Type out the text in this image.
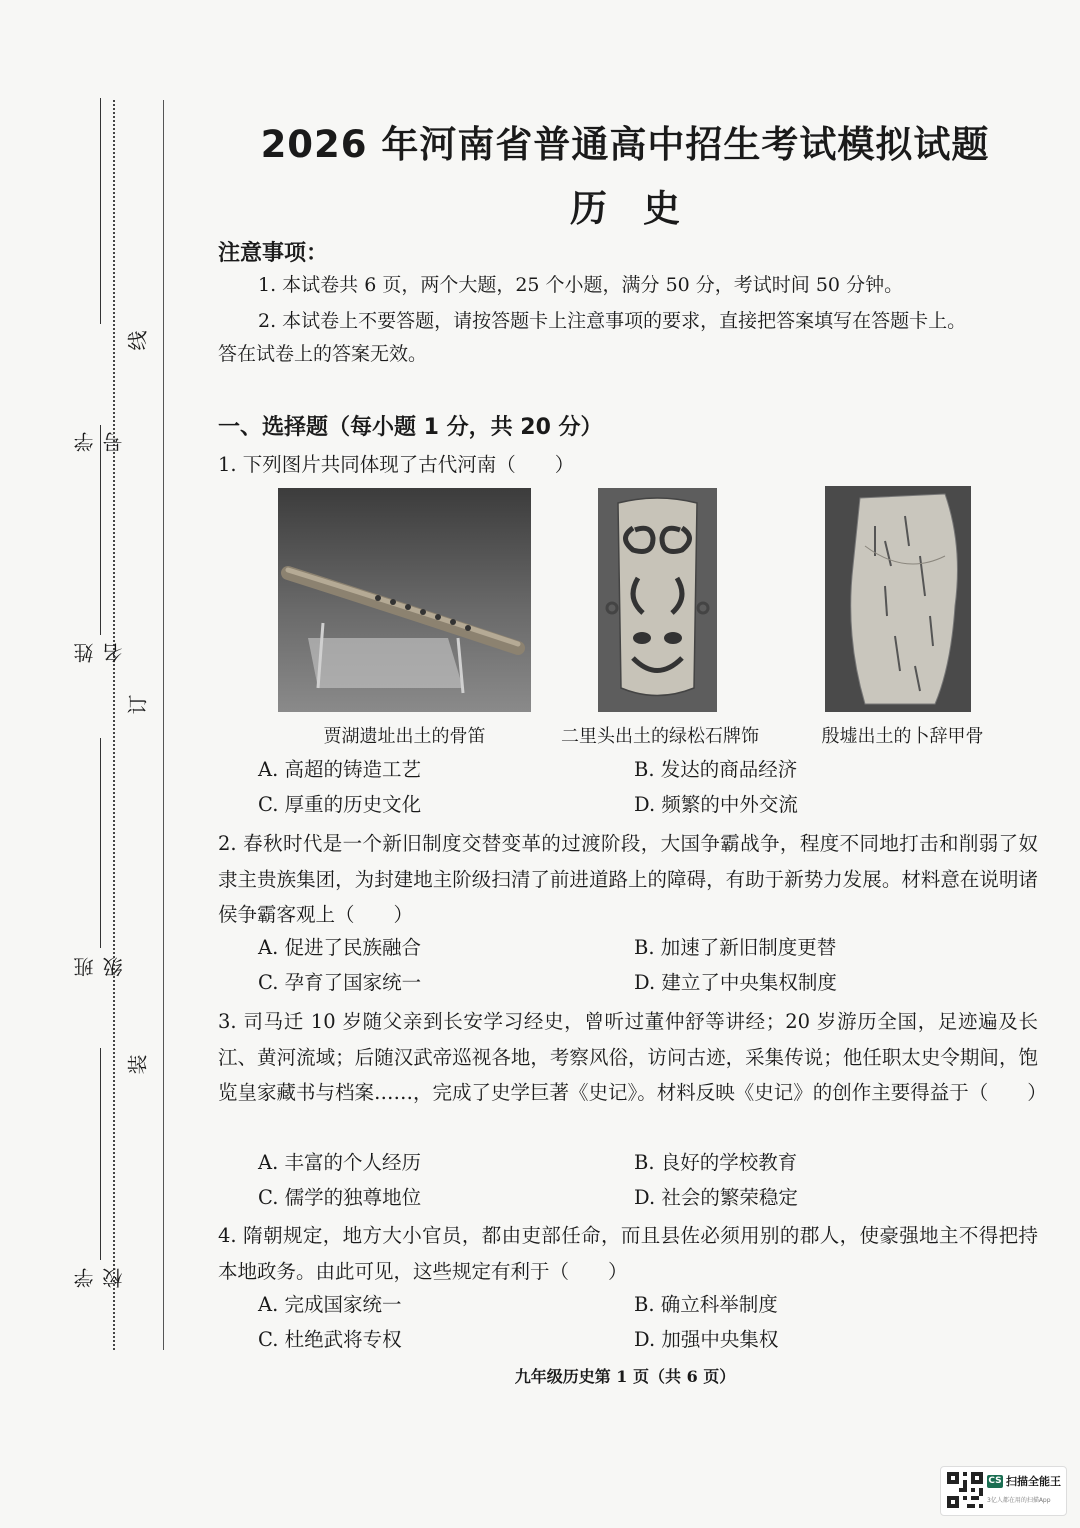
学号
姓名
班级
学校
线
订
装
2026 年河南省普通高中招生考试模拟试题
历 史
注意事项：
1. 本试卷共 6 页，两个大题，25 个小题，满分 50 分，考试时间 50 分钟。
2. 本试卷上不要答题，请按答题卡上注意事项的要求，直接把答案填写在答题卡上。
答在试卷上的答案无效。
一、选择题（每小题 1 分，共 20 分）
1. 下列图片共同体现了古代河南（　　）
贾湖遗址出土的骨笛	二里头出土的绿松石牌饰	殷墟出土的卜辞甲骨
A. 高超的铸造工艺	B. 发达的商品经济
C. 厚重的历史文化	D. 频繁的中外交流
2. 春秋时代是一个新旧制度交替变革的过渡阶段，大国争霸战争，程度不同地打击和削弱了奴隶主贵族集团，为封建地主阶级扫清了前进道路上的障碍，有助于新势力发展。材料意在说明诸侯争霸客观上（　　）
A. 促进了民族融合	B. 加速了新旧制度更替
C. 孕育了国家统一	D. 建立了中央集权制度
3. 司马迁 10 岁随父亲到长安学习经史，曾听过董仲舒等讲经；20 岁游历全国，足迹遍及长江、黄河流域；后随汉武帝巡视各地，考察风俗，访问古迹，采集传说；他任职太史令期间，饱览皇家藏书与档案……，完成了史学巨著《史记》。材料反映《史记》的创作主要得益于（　　）
A. 丰富的个人经历	B. 良好的学校教育
C. 儒学的独尊地位	D. 社会的繁荣稳定
4. 隋朝规定，地方大小官员，都由吏部任命，而且县佐必须用别的郡人，使豪强地主不得把持本地政务。由此可见，这些规定有利于（　　）
A. 完成国家统一	B. 确立科举制度
C. 杜绝武将专权	D. 加强中央集权
九年级历史第 1 页（共 6 页）
CS 扫描全能王
3亿人都在用的扫描App
